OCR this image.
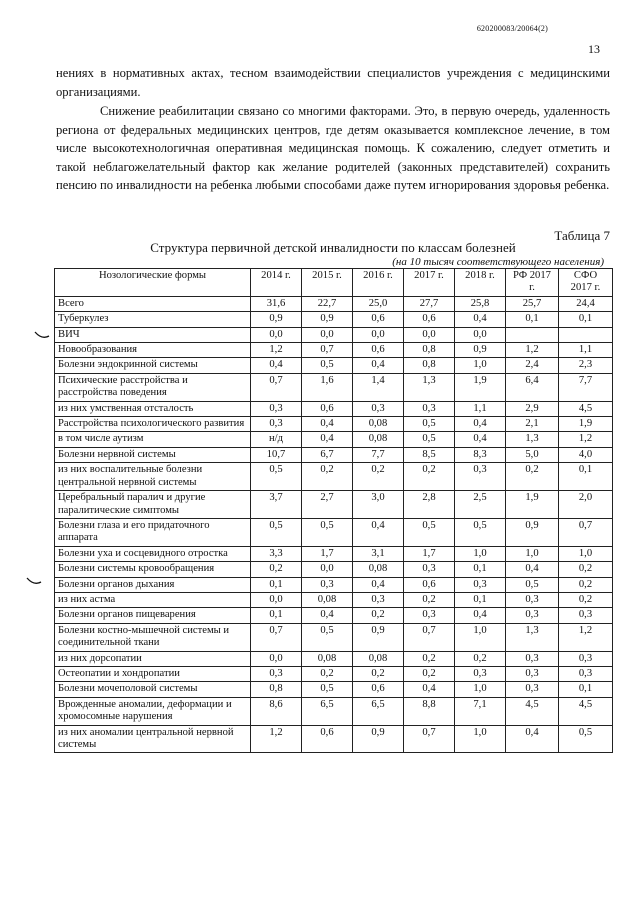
620200083/20064(2)
13

нениях в нормативных актах, тесном взаимодействии специалистов учреждения с медицинскими организациями.

Снижение реабилитации связано со многими факторами. Это, в первую очередь, удаленность региона от федеральных медицинских центров, где детям оказывается комплексное лечение, в том числе высокотехнологичная оперативная медицинская помощь. К сожалению, следует отметить и такой неблагожелательный фактор как желание родителей (законных представителей) сохранить пенсию по инвалидности на ребенка любыми способами даже путем игнорирования здоровья ребенка.

Таблица 7
Структура первичной детской инвалидности по классам болезней
(на 10 тысяч соответствующего населения)
Нозологические формы	2014 г.	2015 г.	2016 г.	2017 г.	2018 г.	РФ 2017 г.	СФО 2017 г.
Всего	31,6	22,7	25,0	27,7	25,8	25,7	24,4
Туберкулез	0,9	0,9	0,6	0,6	0,4	0,1	0,1
ВИЧ	0,0	0,0	0,0	0,0	0,0		
Новообразования	1,2	0,7	0,6	0,8	0,9	1,2	1,1
Болезни эндокринной системы	0,4	0,5	0,4	0,8	1,0	2,4	2,3
Психические расстройства и расстройства поведения	0,7	1,6	1,4	1,3	1,9	6,4	7,7
из них умственная отсталость	0,3	0,6	0,3	0,3	1,1	2,9	4,5
Расстройства психологического развития	0,3	0,4	0,08	0,5	0,4	2,1	1,9
в том числе аутизм	н/д	0,4	0,08	0,5	0,4	1,3	1,2
Болезни нервной системы	10,7	6,7	7,7	8,5	8,3	5,0	4,0
из них воспалительные болезни центральной нервной системы	0,5	0,2	0,2	0,2	0,3	0,2	0,1
Церебральный паралич и другие паралитические симптомы	3,7	2,7	3,0	2,8	2,5	1,9	2,0
Болезни глаза и его придаточного аппарата	0,5	0,5	0,4	0,5	0,5	0,9	0,7
Болезни уха и сосцевидного отростка	3,3	1,7	3,1	1,7	1,0	1,0	1,0
Болезни системы кровообращения	0,2	0,0	0,08	0,3	0,1	0,4	0,2
Болезни органов дыхания	0,1	0,3	0,4	0,6	0,3	0,5	0,2
из них астма	0,0	0,08	0,3	0,2	0,1	0,3	0,2
Болезни органов пищеварения	0,1	0,4	0,2	0,3	0,4	0,3	0,3
Болезни костно-мышечной системы и соединительной ткани	0,7	0,5	0,9	0,7	1,0	1,3	1,2
из них дорсопатии	0,0	0,08	0,08	0,2	0,2	0,3	0,3
Остеопатии и хондропатии	0,3	0,2	0,2	0,2	0,3	0,3	0,3
Болезни мочеполовой системы	0,8	0,5	0,6	0,4	1,0	0,3	0,1
Врожденные аномалии, деформации и хромосомные нарушения	8,6	6,5	6,5	8,8	7,1	4,5	4,5
из них аномалии центральной нервной системы	1,2	0,6	0,9	0,7	1,0	0,4	0,5
